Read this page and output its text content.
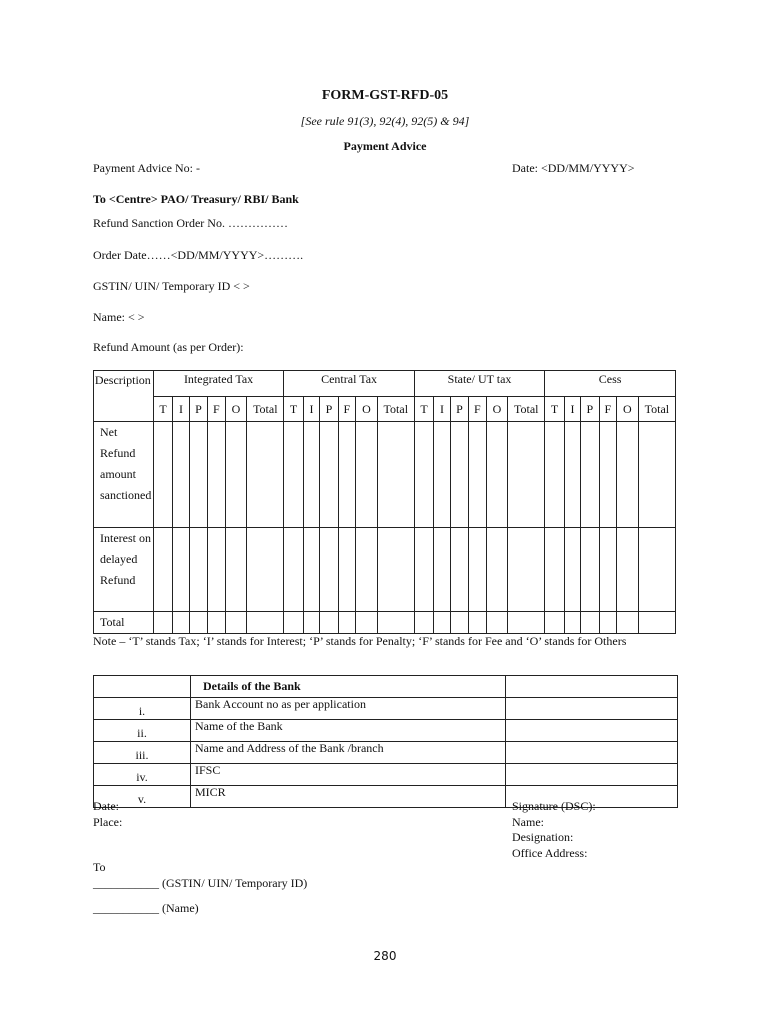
FORM-GST-RFD-05
[See rule 91(3), 92(4), 92(5) & 94]
Payment Advice
Payment Advice No: -	Date: <DD/MM/YYYY>
To <Centre> PAO/ Treasury/ RBI/ Bank
Refund Sanction Order No. ……………
Order Date……<DD/MM/YYYY>……….
GSTIN/ UIN/ Temporary ID < >
Name: < >
Refund Amount (as per Order):
Description	Integrated Tax						Central Tax						State/ UT tax						Cess					
	T	I	P	F	O	Total	T	I	P	F	O	Total	T	I	P	F	O	Total	T	I	P	F	O	Total
Net Refund amount sanctioned																								
Interest on delayed Refund																								
Total																								
Note – ‘T’ stands Tax; ‘I’ stands for Interest; ‘P’ stands for Penalty; ‘F’ stands for Fee and ‘O’ stands for Others
	Details of the Bank	
i.	Bank Account no as per application	
ii.	Name of the Bank	
iii.	Name and Address of the Bank /branch	
iv.	IFSC	
v.	MICR	
Date:
Place:
Signature (DSC):
Name:
Designation:
Office Address:
To
___________ (GSTIN/ UIN/ Temporary ID)
___________ (Name)
280
